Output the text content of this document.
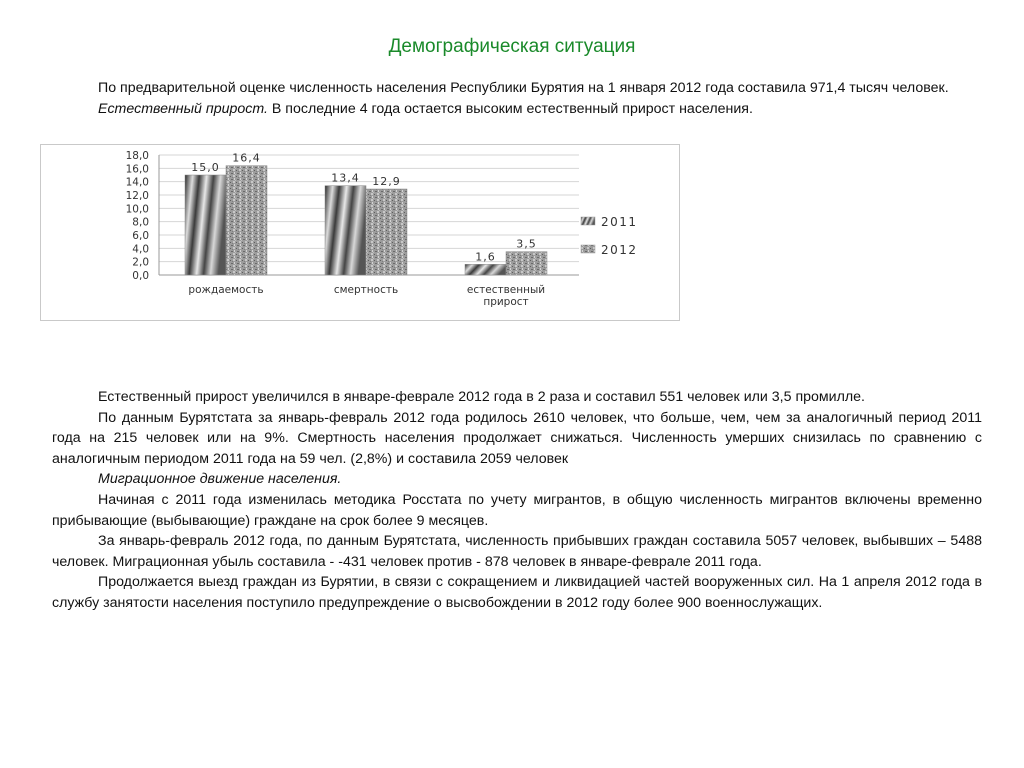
Демографическая ситуация

По предварительной оценке численность населения Республики Бурятия на 1 января 2012 года составила 971,4 тысяч человек.

Естественный прирост. В последние 4 года остается высоким естественный прирост населения.

0,0
2,0
4,0
6,0
8,0
10,0
12,0
14,0
16,0
18,0
15,0
16,4
рождаемость
13,4 12,9
смертность
1,6
3,5
естественный
прирост
2011
2012

Естественный прирост увеличился в январе-феврале 2012 года в 2 раза и составил 551 человек или 3,5 промилле.

По данным Бурятстата за январь-февраль 2012 года родилось 2610 человек, что больше, чем, чем за аналогичный период 2011 года на 215 человек или на 9%. Смертность населения продолжает снижаться. Численность умерших снизилась по сравнению с аналогичным периодом 2011 года на 59 чел. (2,8%) и составила 2059 человек

Миграционное движение населения.

Начиная с 2011 года изменилась методика Росстата по учету мигрантов, в общую численность мигрантов включены временно прибывающие (выбывающие) граждане на срок более 9 месяцев.

За январь-февраль 2012 года, по данным Бурятстата, численность прибывших граждан составила 5057 человек, выбывших – 5488 человек. Миграционная убыль составила - -431 человек против - 878 человек в январе-феврале 2011 года.

Продолжается выезд граждан из Бурятии, в связи с сокращением и ликвидацией частей вооруженных сил. На 1 апреля 2012 года в службу занятости населения поступило предупреждение о высвобождении в 2012 году более 900 военнослужащих.
